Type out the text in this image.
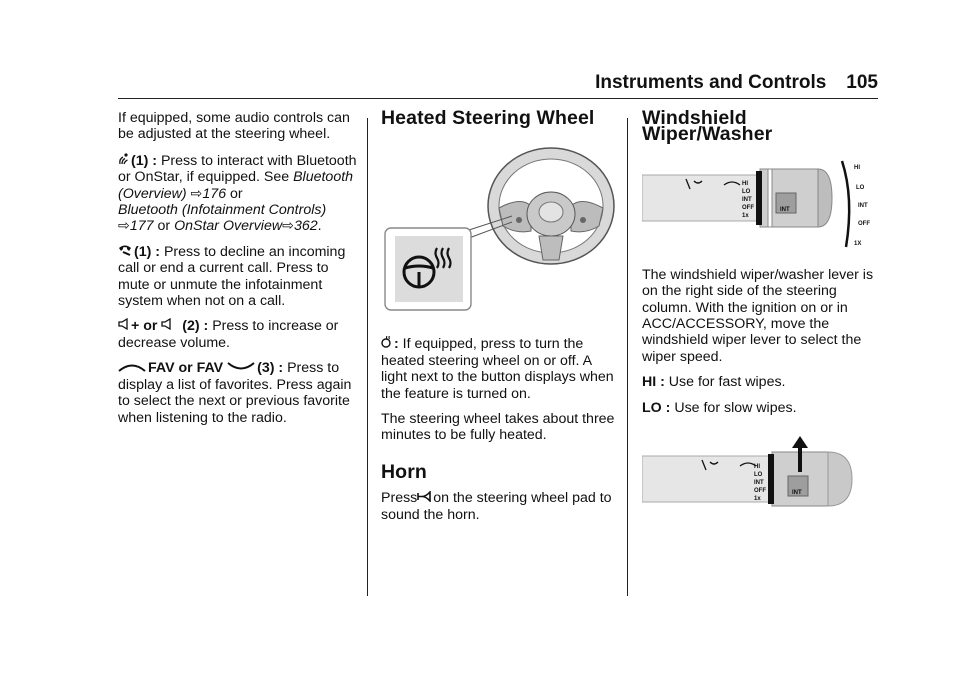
Instruments and Controls 105

If equipped, some audio controls can be adjusted at the steering wheel.

(1) : Press to interact with Bluetooth or OnStar, if equipped. See Bluetooth (Overview) ⇨176 or
Bluetooth (Infotainment Controls)
⇨177 or OnStar Overview⇨362.

(1) : Press to decline an incoming call or end a current call. Press to mute or unmute the infotainment system when not on a call.

+ or (2) : Press to increase or decrease volume.

FAV or FAV (3) : Press to display a list of favorites. Press again to select the next or previous favorite when listening to the radio.

Heated Steering Wheel

: If equipped, press to turn the heated steering wheel on or off. A light next to the button displays when the feature is turned on.

The steering wheel takes about three minutes to be fully heated.

Horn

Press on the steering wheel pad to sound the horn.

Windshield Wiper/Washer
INT
HI
LO
INT
OFF
1x
HI
LO
INT
OFF
1X

The windshield wiper/washer lever is on the right side of the steering column. With the ignition on or in ACC/ACCESSORY, move the windshield wiper lever to select the wiper speed.

HI : Use for fast wipes.

LO : Use for slow wipes.

INT
HI
LO
INT
OFF
1x
